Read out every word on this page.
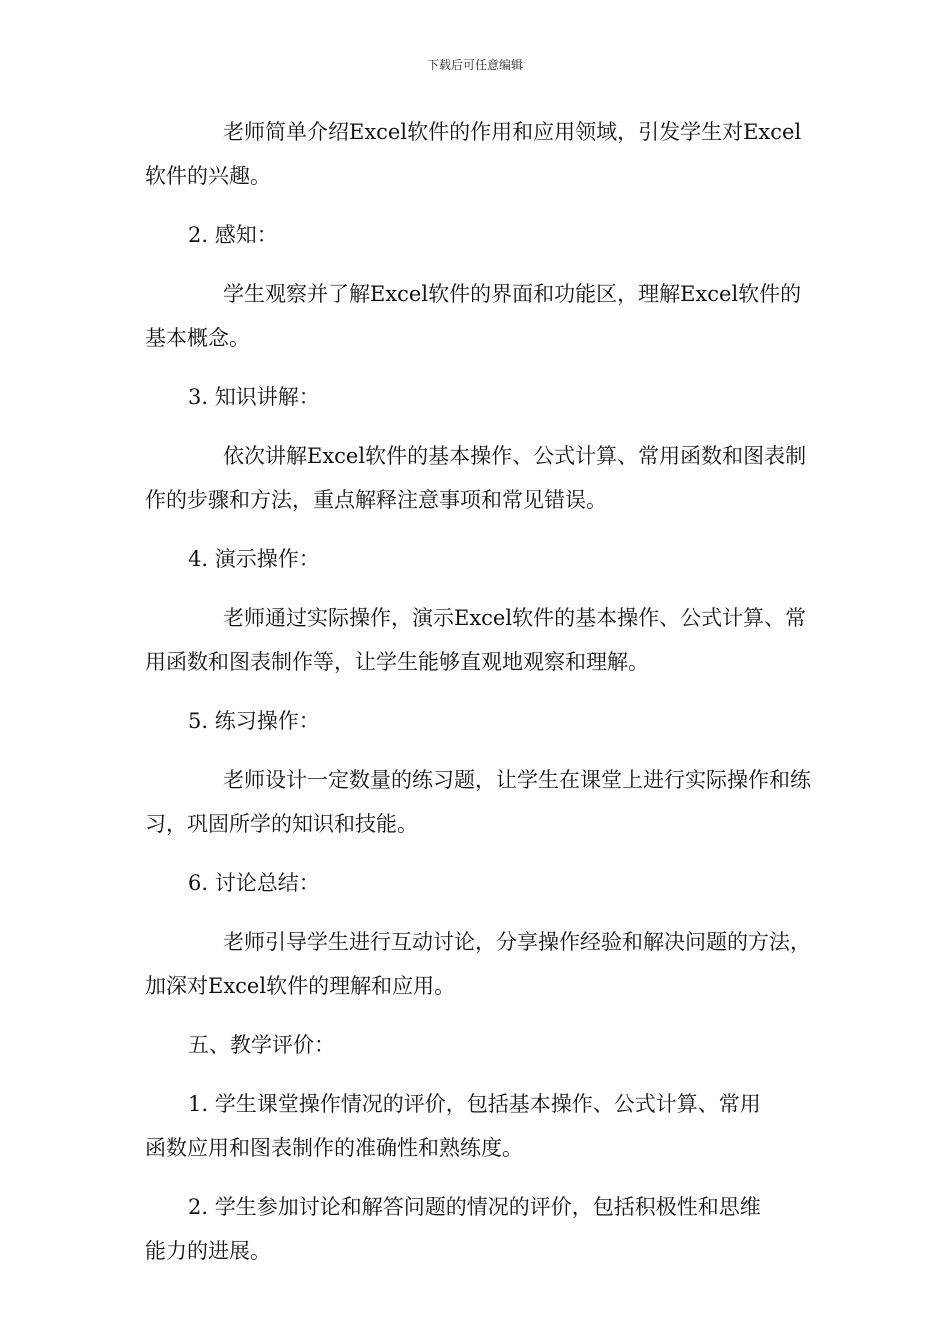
下载后可任意编辑
老师简单介绍Excel软件的作用和应用领域，引发学生对Excel软件的兴趣。
2. 感知：
学生观察并了解Excel软件的界面和功能区，理解Excel软件的基本概念。
3. 知识讲解：
依次讲解Excel软件的基本操作、公式计算、常用函数和图表制作的步骤和方法，重点解释注意事项和常见错误。
4. 演示操作：
老师通过实际操作，演示Excel软件的基本操作、公式计算、常用函数和图表制作等，让学生能够直观地观察和理解。
5. 练习操作：
老师设计一定数量的练习题，让学生在课堂上进行实际操作和练习，巩固所学的知识和技能。
6. 讨论总结：
老师引导学生进行互动讨论，分享操作经验和解决问题的方法，加深对Excel软件的理解和应用。
五、教学评价：
1. 学生课堂操作情况的评价，包括基本操作、公式计算、常用
函数应用和图表制作的准确性和熟练度。
2. 学生参加讨论和解答问题的情况的评价，包括积极性和思维
能力的进展。
